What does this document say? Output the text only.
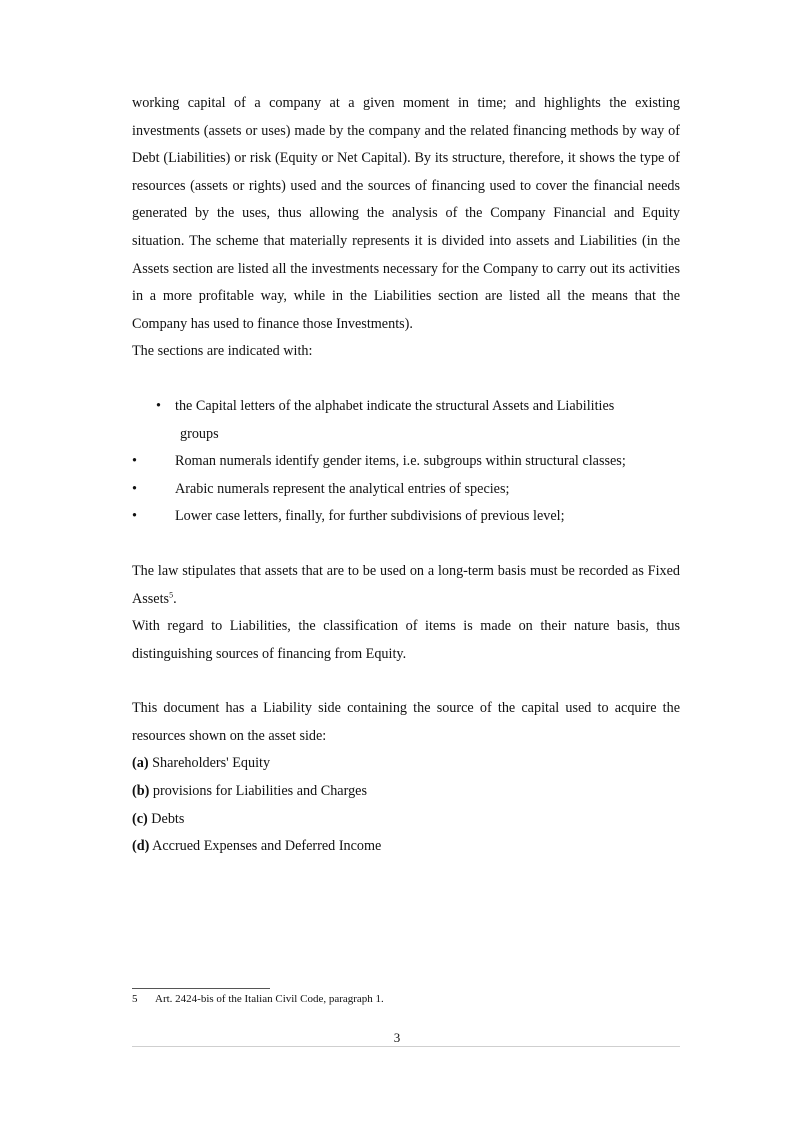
working capital of a company at a given moment in time; and highlights the existing investments (assets or uses) made by the company and the related financing methods by way of Debt (Liabilities) or risk (Equity or Net Capital). By its structure, therefore, it shows the type of resources (assets or rights) used and the sources of financing used to cover the financial needs generated by the uses, thus allowing the analysis of the Company Financial and Equity situation. The scheme that materially represents it is divided into assets and Liabilities (in the Assets section are listed all the investments necessary for the Company to carry out its activities in a more profitable way, while in the Liabilities section are listed all the means that the Company has used to finance those Investments).

The sections are indicated with:

• the Capital letters of the alphabet indicate the structural Assets and Liabilities
groups
•	Roman numerals identify gender items, i.e. subgroups within structural classes;
•	Arabic numerals represent the analytical entries of species;
•	Lower case letters, finally, for further subdivisions of previous level;

The law stipulates that assets that are to be used on a long-term basis must be recorded as Fixed Assets$^5$.

With regard to Liabilities, the classification of items is made on their nature basis, thus distinguishing sources of financing from Equity.

This document has a Liability side containing the source of the capital used to acquire the resources shown on the asset side:

(a) Shareholders' Equity

(b) provisions for Liabilities and Charges

(c) Debts

(d) Accrued Expenses and Deferred Income

5 Art. 2424-bis of the Italian Civil Code, paragraph 1.
3
